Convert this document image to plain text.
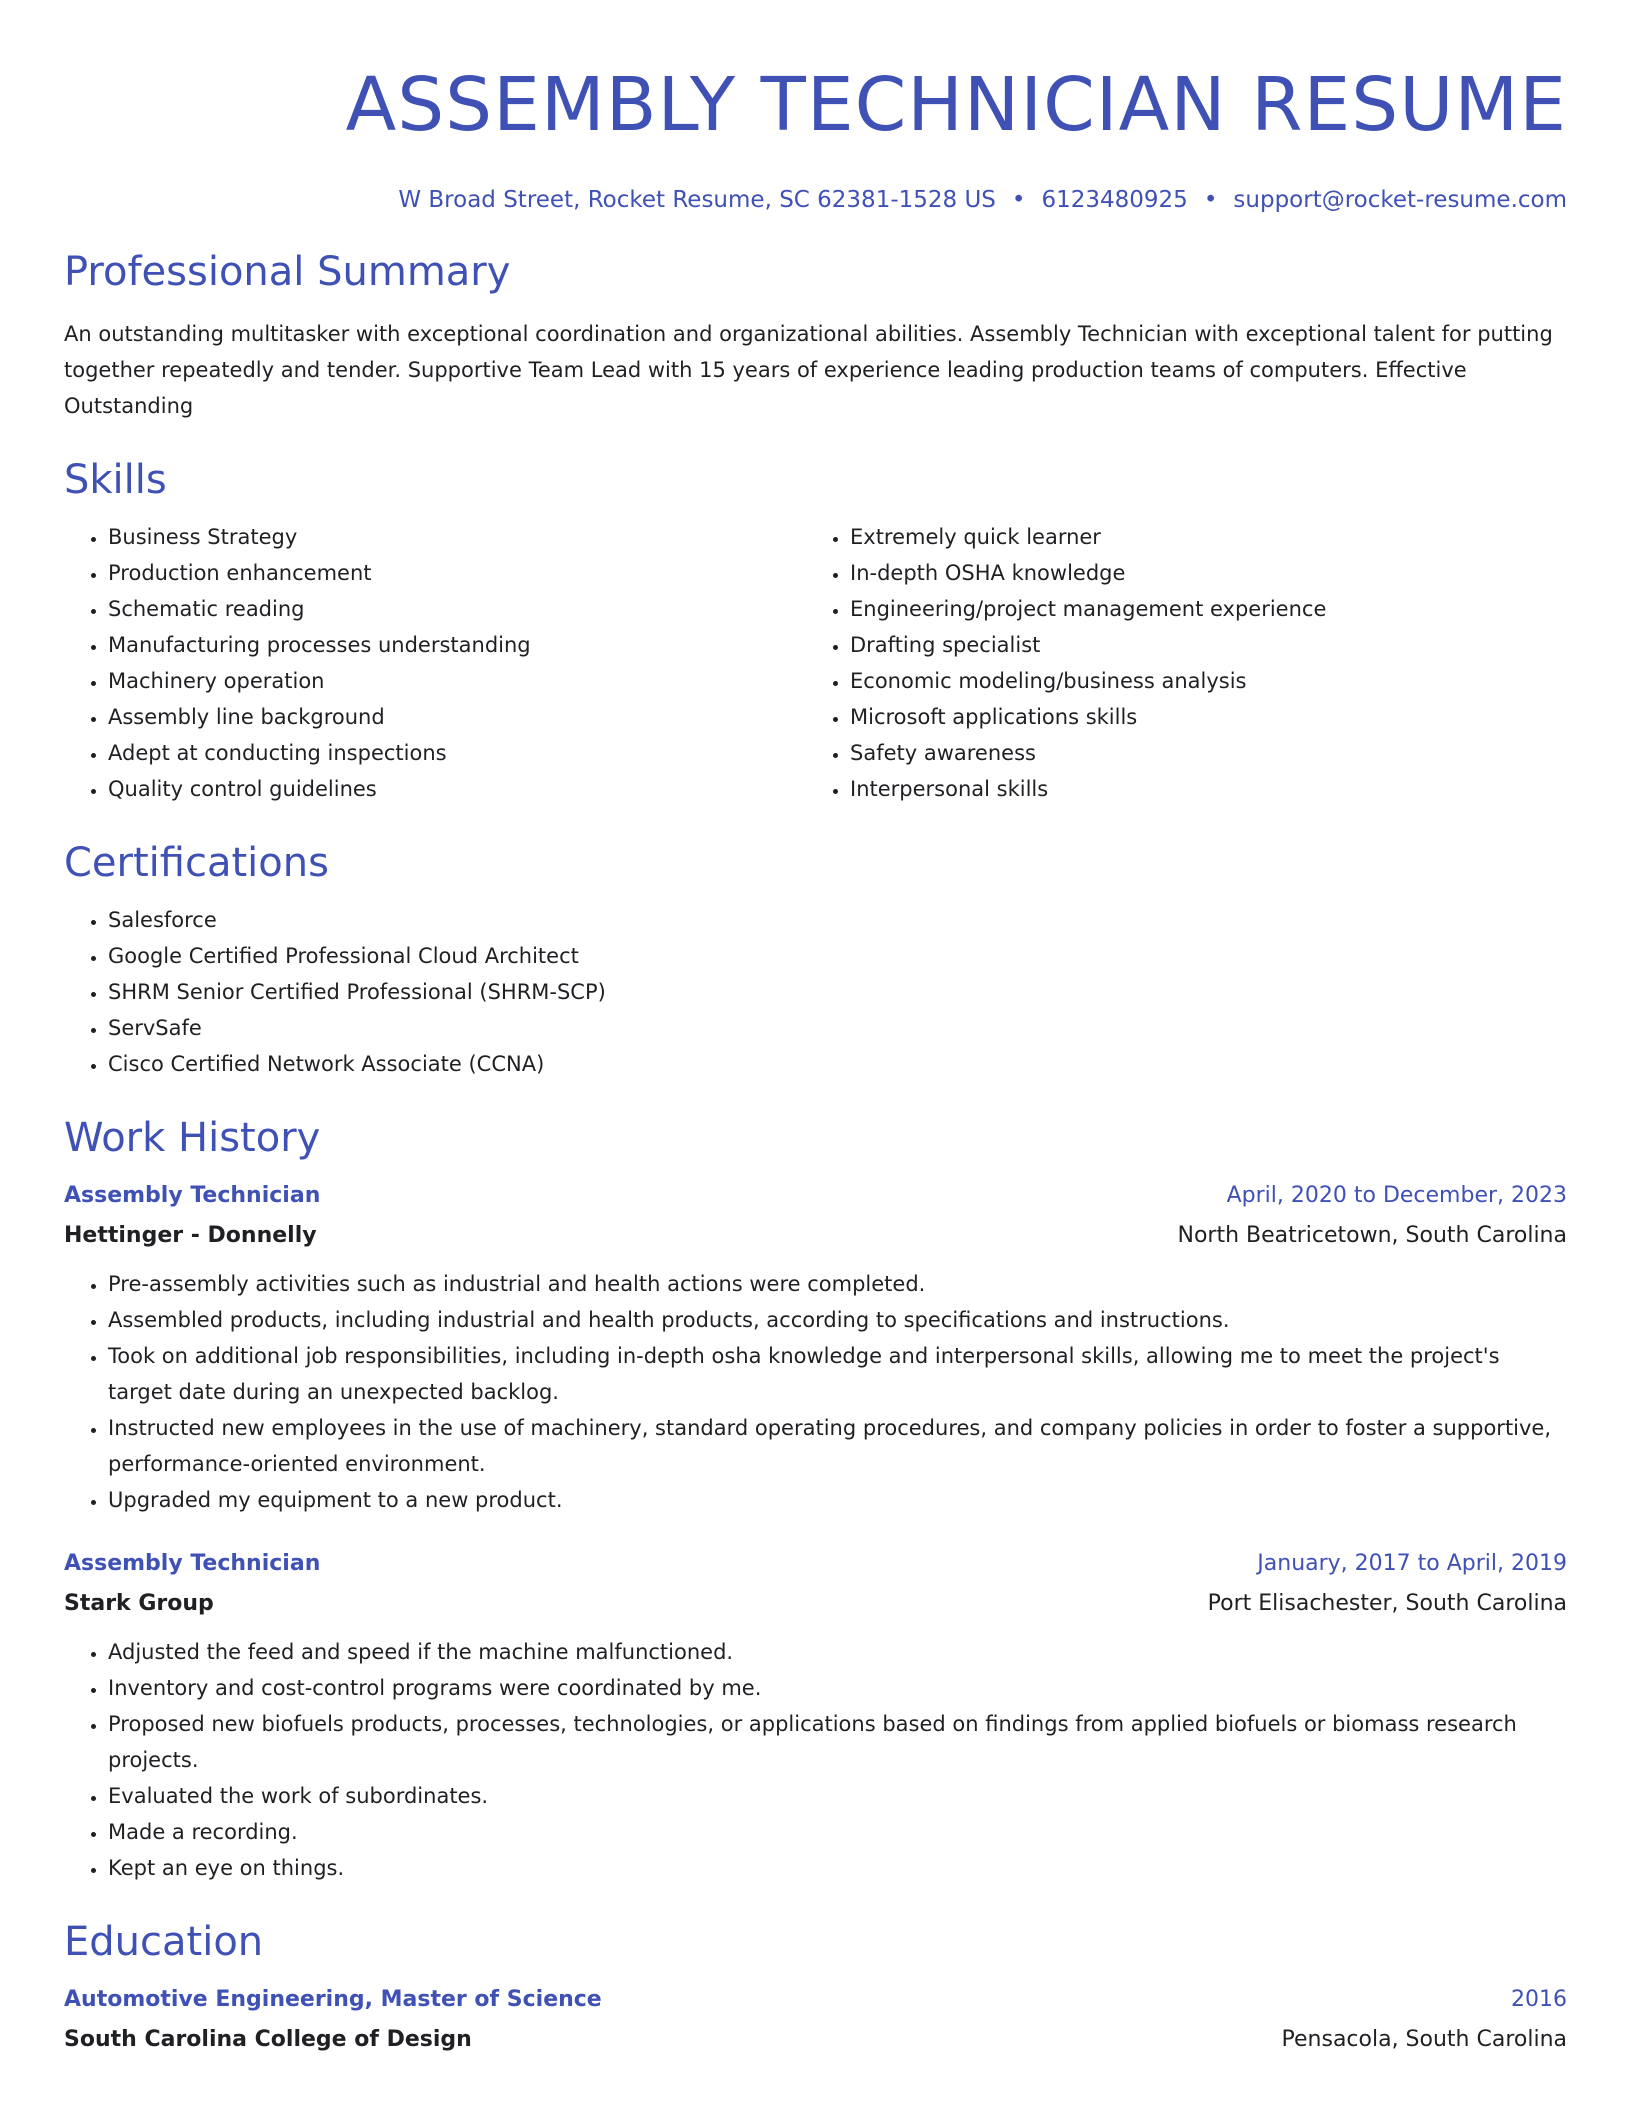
ASSEMBLY TECHNICIAN RESUME
W Broad Street, Rocket Resume, SC 62381-1528 US • 6123480925 • support@rocket-resume.com
Professional Summary

An outstanding multitasker with exceptional coordination and organizational abilities. Assembly Technician with exceptional talent for putting together repeatedly and tender. Supportive Team Lead with 15 years of experience leading production teams of computers. Effective Outstanding

Skills
• Business Strategy
• Production enhancement
• Schematic reading
• Manufacturing processes understanding
• Machinery operation
• Assembly line background
• Adept at conducting inspections
• Quality control guidelines
• Extremely quick learner
• In-depth OSHA knowledge
• Engineering/project management experience
• Drafting specialist
• Economic modeling/business analysis
• Microsoft applications skills
• Safety awareness
• Interpersonal skills
Certifications
• Salesforce
• Google Certified Professional Cloud Architect
• SHRM Senior Certified Professional (SHRM-SCP)
• ServSafe
• Cisco Certified Network Associate (CCNA)
Work History
Assembly Technician	April, 2020 to December, 2023
Hettinger - Donnelly	North Beatricetown, South Carolina
• Pre-assembly activities such as industrial and health actions were completed.
• Assembled products, including industrial and health products, according to specifications and instructions.
• Took on additional job responsibilities, including in-depth osha knowledge and interpersonal skills, allowing me to meet the project's target date during an unexpected backlog.
• Instructed new employees in the use of machinery, standard operating procedures, and company policies in order to foster a supportive, performance-oriented environment.
• Upgraded my equipment to a new product.
Assembly Technician	January, 2017 to April, 2019
Stark Group	Port Elisachester, South Carolina
• Adjusted the feed and speed if the machine malfunctioned.
• Inventory and cost-control programs were coordinated by me.
• Proposed new biofuels products, processes, technologies, or applications based on findings from applied biofuels or biomass research projects.
• Evaluated the work of subordinates.
• Made a recording.
• Kept an eye on things.
Education
Automotive Engineering, Master of Science	2016
South Carolina College of Design	Pensacola, South Carolina
